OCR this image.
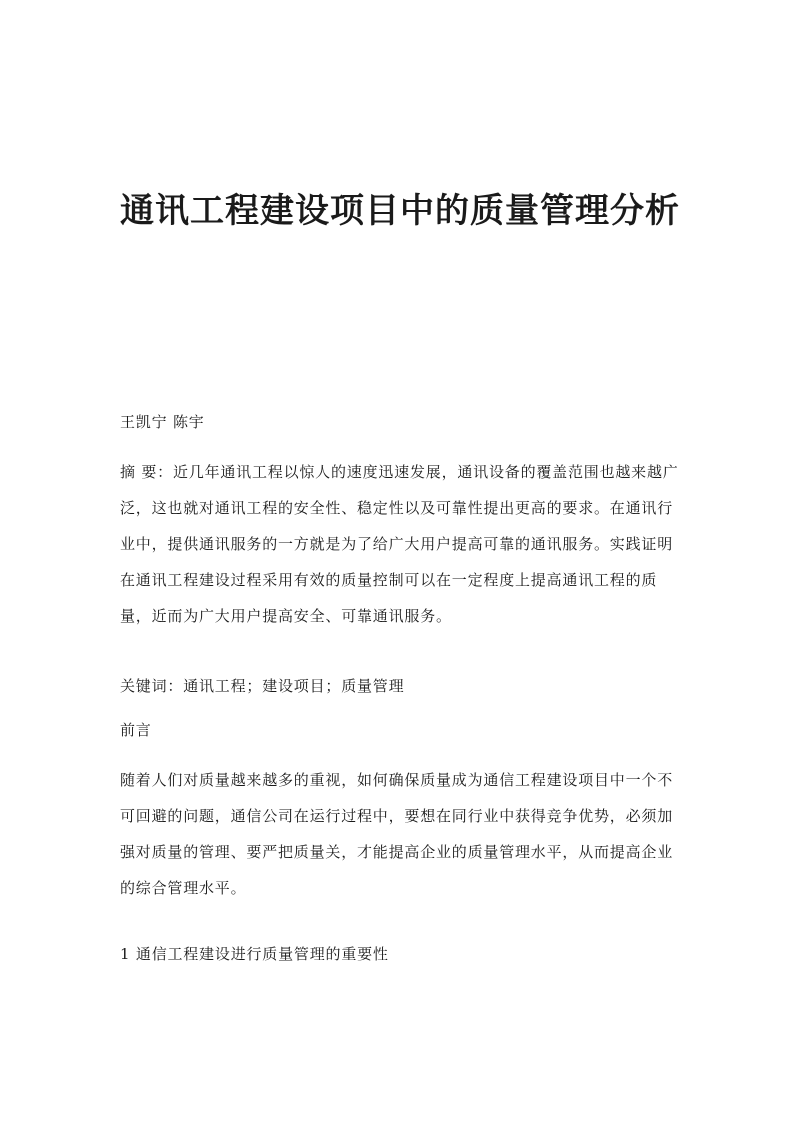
通讯工程建设项目中的质量管理分析

王凯宁 陈宇

摘 要：近几年通讯工程以惊人的速度迅速发展，通讯设备的覆盖范围也越来越广泛，这也就对通讯工程的安全性、稳定性以及可靠性提出更高的要求。在通讯行业中，提供通讯服务的一方就是为了给广大用户提高可靠的通讯服务。实践证明在通讯工程建设过程采用有效的质量控制可以在一定程度上提高通讯工程的质量，近而为广大用户提高安全、可靠通讯服务。

关键词：通讯工程；建设项目；质量管理

前言

随着人们对质量越来越多的重视，如何确保质量成为通信工程建设项目中一个不可回避的问题，通信公司在运行过程中，要想在同行业中获得竞争优势，必须加强对质量的管理、要严把质量关，才能提高企业的质量管理水平，从而提高企业的综合管理水平。

1 通信工程建设进行质量管理的重要性
